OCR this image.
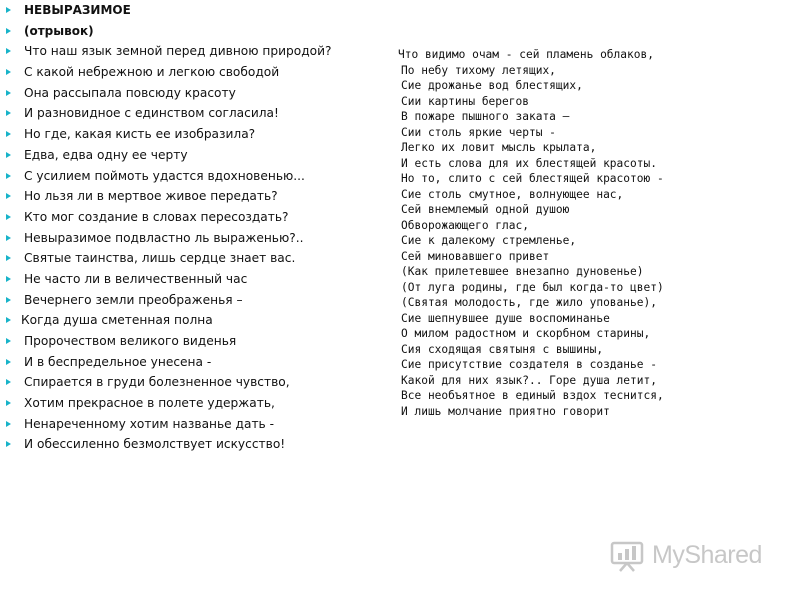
НЕВЫРАЗИМОЕ
(отрывок)
Что наш язык земной перед дивною природой?
С какой небрежною и легкою свободой
Она рассыпала повсюду красоту
И разновидное с единством согласила!
Но где, какая кисть ее изобразила?
Едва, едва одну ее черту
С усилием поймоть удастся вдохновенью...
Но льзя ли в мертвое живое передать?
Кто мог создание в словах пересоздать?
Невыразимое подвластно ль выраженью?..
Святые таинства, лишь сердце знает вас.
Не часто ли в величественный час
Вечернего земли преображенья –
Когда душа сметенная полна
Пророчеством великого виденья
И в беспредельное унесена -
Спирается в груди болезненное чувство,
Хотим прекрасное в полете удержать,
Ненареченному хотим названье дать -
И обессиленно безмолствует искусство!
Что видимо очам - сей пламень облаков,
По небу тихому летящих,
Сие дрожанье вод блестящих,
Сии картины берегов
В пожаре пышного заката –
Сии столь яркие черты -
Легко их ловит мысль крылата,
И есть слова для их блестящей красоты.
Но то, слито с сей блестящей красотою -
Сие столь смутное, волнующее нас,
Сей внемлемый одной душою
Обворожающего глас,
Сие к далекому стремленье,
Сей миновавшего привет
(Как прилетевшее внезапно дуновенье)
(От луга родины, где был когда-то цвет)
(Святая молодость, где жило упованье),
Сие шепнувшее душе воспоминанье
О милом радостном и скорбном старины,
Сия сходящая святыня с вышины,
Сие присутствие создателя в созданье -
Какой для них язык?.. Горе душа летит,
Все необъятное в единый вздох теснится,
И лишь молчание приятно говорит
MyShared
